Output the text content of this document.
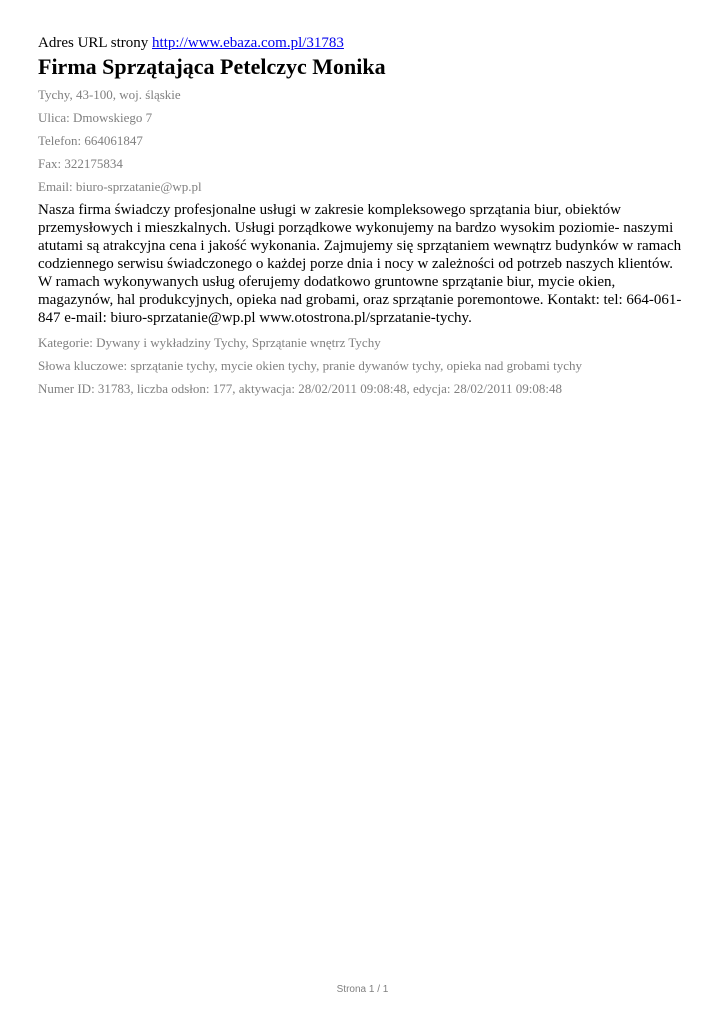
Adres URL strony http://www.ebaza.com.pl/31783

Firma Sprzątająca Petelczyc Monika

Tychy, 43-100, woj. śląskie

Ulica: Dmowskiego 7

Telefon: 664061847

Fax: 322175834

Email: biuro-sprzatanie@wp.pl

Nasza firma świadczy profesjonalne usługi w zakresie kompleksowego sprzątania biur, obiektów przemysłowych i mieszkalnych. Usługi porządkowe wykonujemy na bardzo wysokim poziomie- naszymi atutami są atrakcyjna cena i jakość wykonania. Zajmujemy się sprzątaniem wewnątrz budynków w ramach codziennego serwisu świadczonego o każdej porze dnia i nocy w zależności od potrzeb naszych klientów. W ramach wykonywanych usług oferujemy dodatkowo gruntowne sprzątanie biur, mycie okien, magazynów, hal produkcyjnych, opieka nad grobami, oraz sprzątanie poremontowe. Kontakt: tel: 664-061-847 e-mail: biuro-sprzatanie@wp.pl www.otostrona.pl/sprzatanie-tychy.

Kategorie: Dywany i wykładziny Tychy, Sprzątanie wnętrz Tychy

Słowa kluczowe: sprzątanie tychy, mycie okien tychy, pranie dywanów tychy, opieka nad grobami tychy

Numer ID: 31783, liczba odsłon: 177, aktywacja: 28/02/2011 09:08:48, edycja: 28/02/2011 09:08:48

Strona 1 / 1
